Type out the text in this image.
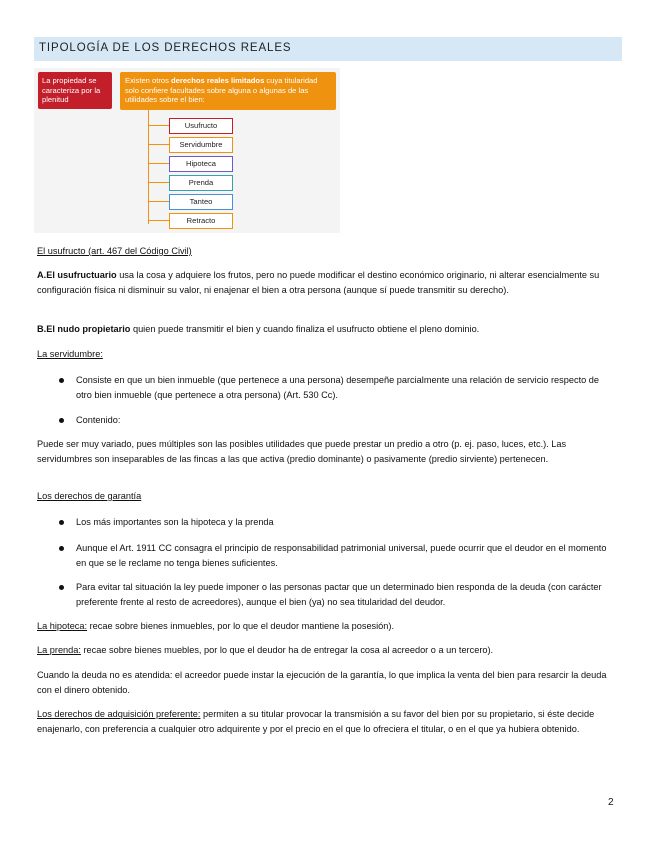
TIPOLOGÍA DE LOS DERECHOS REALES
La propiedad se caracteriza por la plenitud
Existen otros derechos reales limitados cuya titularidad solo confiere facultades sobre alguna o algunas de las utilidades sobre el bien:
Usufructo
Servidumbre
Hipoteca
Prenda
Tanteo
Retracto
El usufructo (art. 467 del Código Civil)
A.El usufructuario usa la cosa y adquiere los frutos, pero no puede modificar el destino económico originario, ni alterar esencialmente su configuración física ni disminuir su valor, ni enajenar el bien a otra persona (aunque sí puede transmitir su derecho).
B.El nudo propietario quien puede transmitir el bien y cuando finaliza el usufructo obtiene el pleno dominio.
La servidumbre:
Consiste en que un bien inmueble (que pertenece a una persona) desempeñe parcialmente una relación de servicio respecto de otro bien inmueble (que pertenece a otra persona) (Art. 530 Cc).
Contenido:
Puede ser muy variado, pues múltiples son las posibles utilidades que puede prestar un predio a otro (p. ej. paso, luces, etc.). Las servidumbres son inseparables de las fincas a las que activa (predio dominante) o pasivamente (predio sirviente) pertenecen.
Los derechos de garantía
Los más importantes son la hipoteca y la prenda
Aunque el Art. 1911 CC consagra el principio de responsabilidad patrimonial universal, puede ocurrir que el deudor en el momento en que se le reclame no tenga bienes suficientes.
Para evitar tal situación la ley puede imponer o las personas pactar que un determinado bien responda de la deuda (con carácter preferente frente al resto de acreedores), aunque el bien (ya) no sea titularidad del deudor.
La hipoteca: recae sobre bienes inmuebles, por lo que el deudor mantiene la posesión).
La prenda: recae sobre bienes muebles, por lo que el deudor ha de entregar la cosa al acreedor o a un tercero).
Cuando la deuda no es atendida: el acreedor puede instar la ejecución de la garantía, lo que implica la venta del bien para resarcir la deuda con el dinero obtenido.
Los derechos de adquisición preferente: permiten a su titular provocar la transmisión a su favor del bien por su propietario, si éste decide enajenarlo, con preferencia a cualquier otro adquirente y por el precio en el que lo ofreciera el titular, o en el que ya hubiera obtenido.
2
